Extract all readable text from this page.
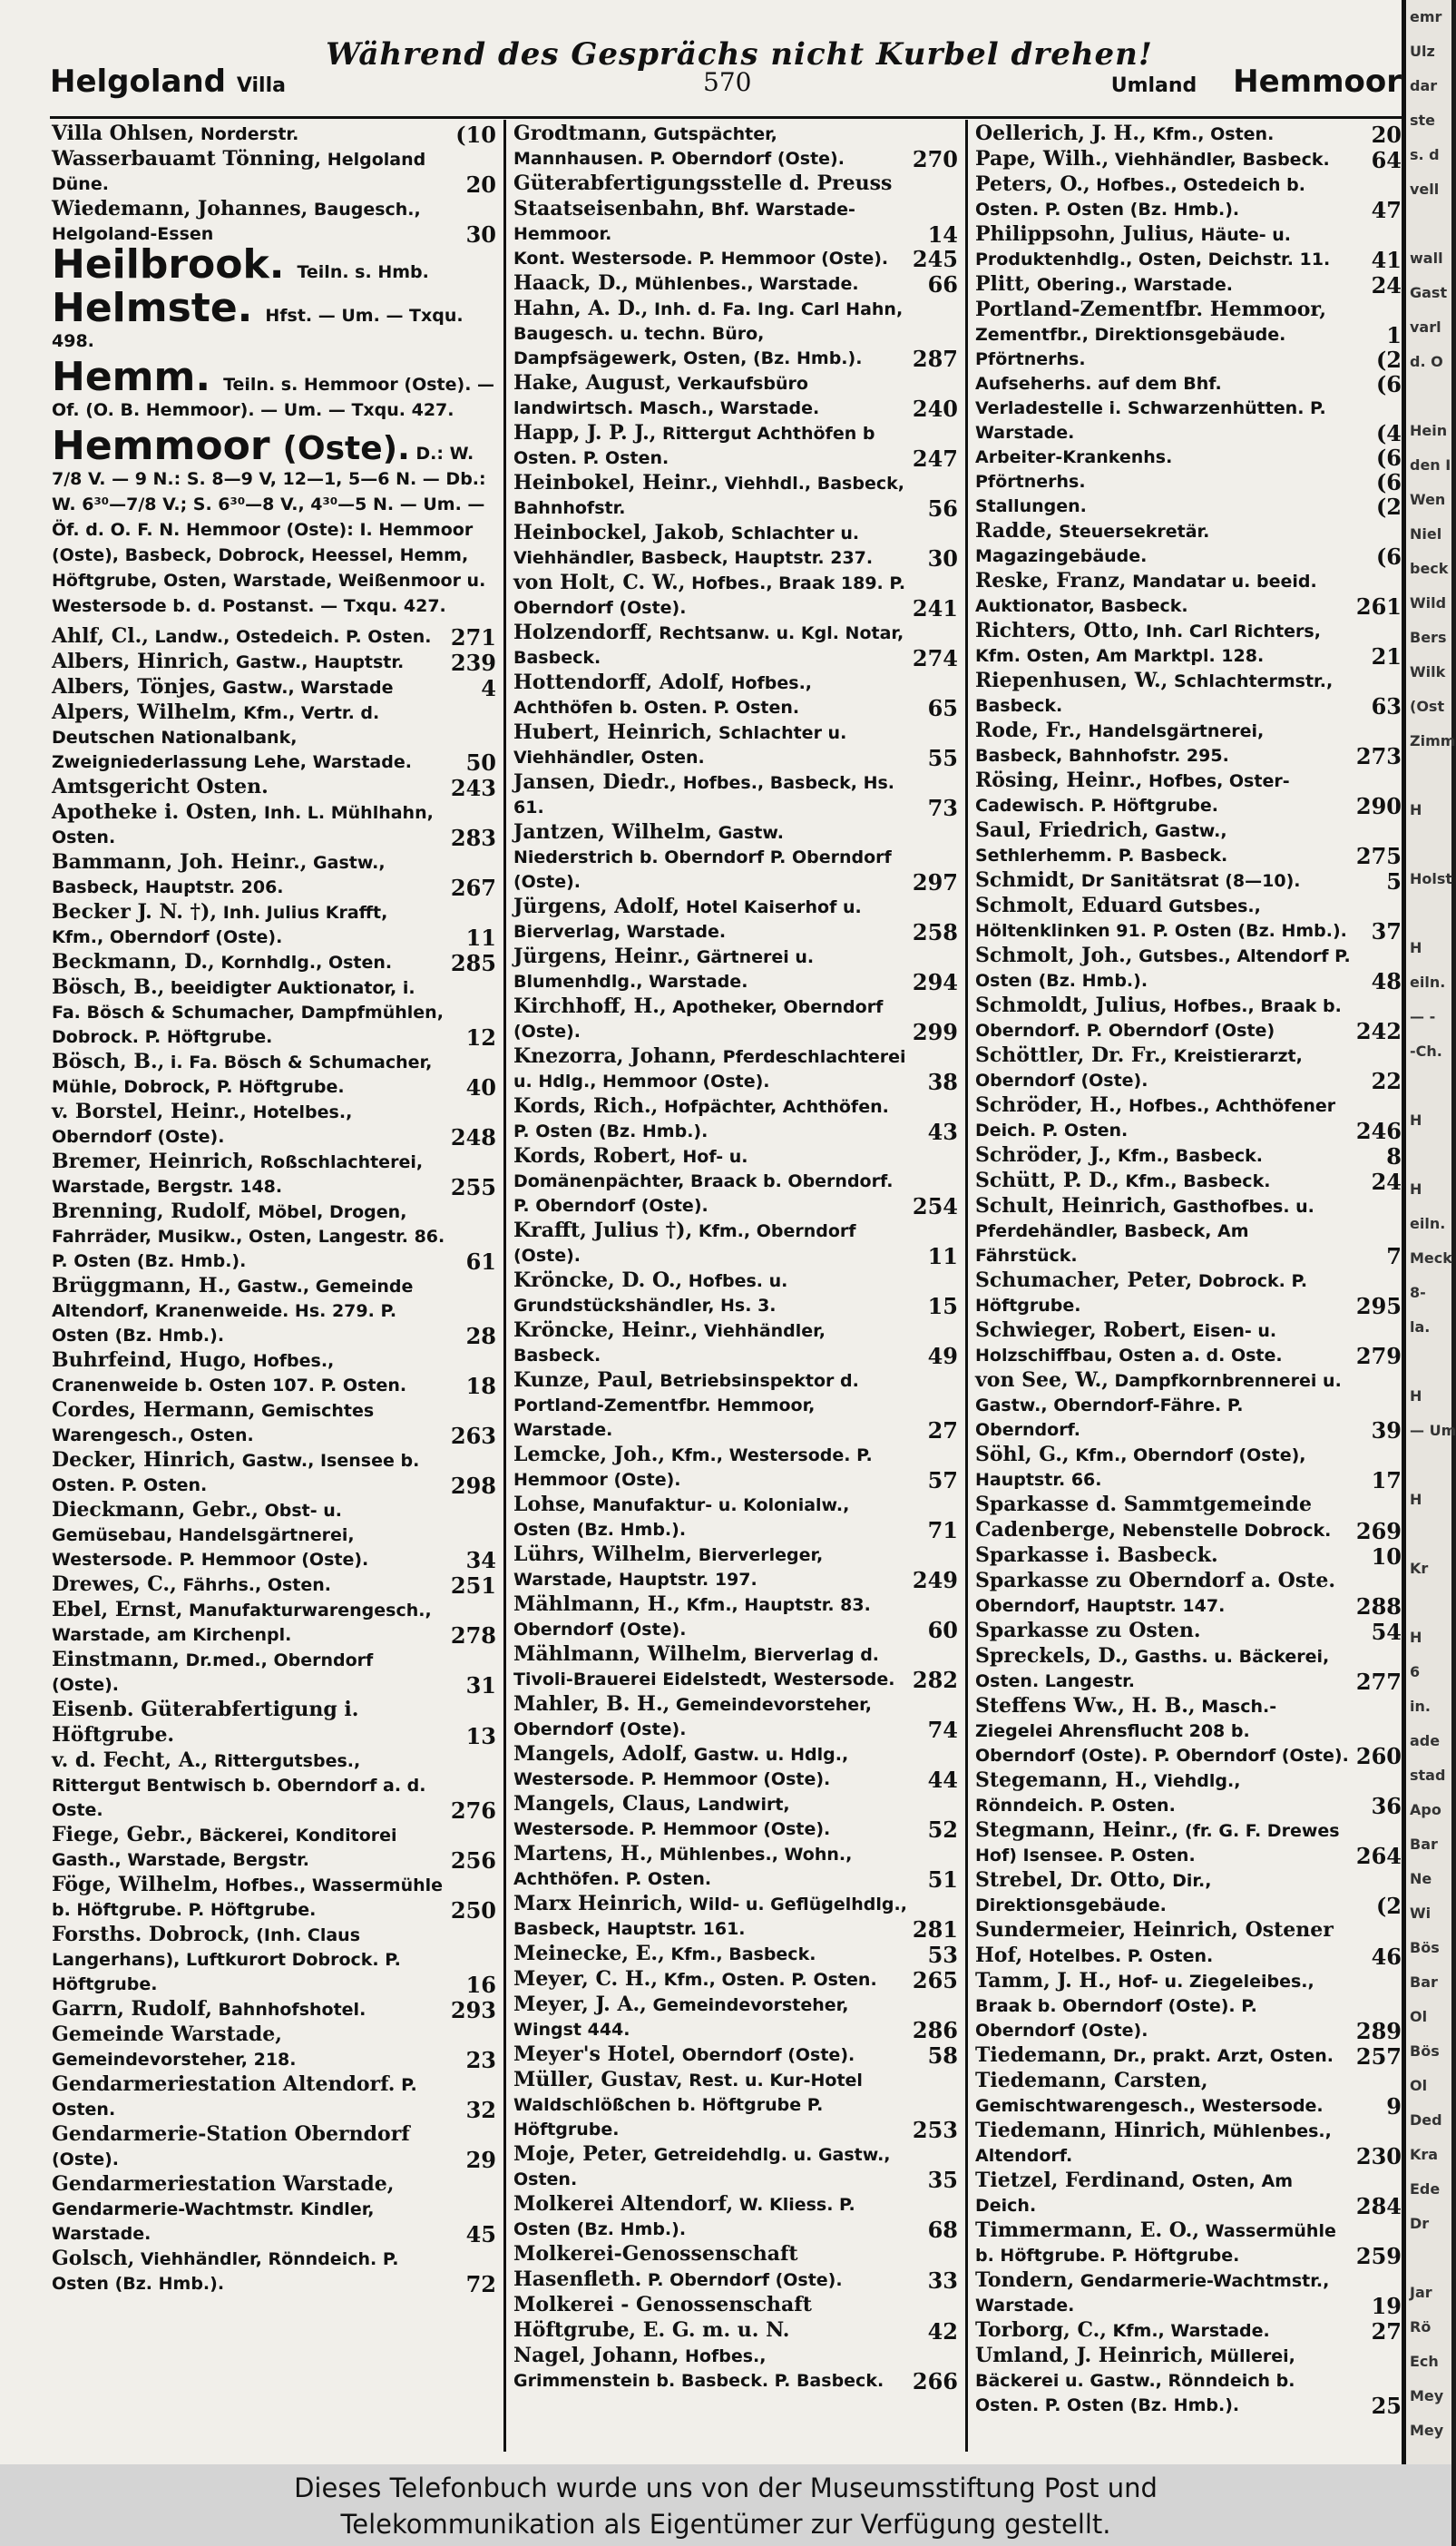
Helgoland Villa
Während des Gesprächs nicht Kurbel drehen!
570	Umland Hemmoor
Villa Ohlsen, Norderstr.	(10
Wasserbauamt Tönning, Helgoland Düne.	20
Wiedemann, Johannes, Baugesch., Helgoland-Essen	30
Heilbrook. Teiln. s. Hmb.
Helmste. Hfst. — Um. — Txqu. 498.
Hemm. Teiln. s. Hemmoor (Oste). — Of. (O. B. Hemmoor). — Um. — Txqu. 427.
Hemmoor (Oste). D.: W. 7/8 V. — 9 N.: S. 8—9 V, 12—1, 5—6 N. — Db.: W. 6³⁰—7/8 V.; S. 6³⁰—8 V., 4³⁰—5 N. — Um. — Öf. d. O. F. N. Hemmoor (Oste): I. Hemmoor (Oste), Basbeck, Dobrock, Heessel, Hemm, Höftgrube, Osten, Warstade, Weißenmoor u. Westersode b. d. Postanst. — Txqu. 427.
Ahlf, Cl., Landw., Ostedeich. P. Osten. 271
Albers, Hinrich, Gastw., Hauptstr. 239
Albers, Tönjes, Gastw., Warstade	4
Alpers, Wilhelm, Kfm., Vertr. d. Deutschen Nationalbank, Zweigniederlassung Lehe, Warstade. 50
Amtsgericht Osten.	243
Apotheke i. Osten, Inh. L. Mühlhahn, Osten.	283
Bammann, Joh. Heinr., Gastw., Basbeck, Hauptstr. 206.	267
Becker J. N. †), Inh. Julius Krafft, Kfm., Oberndorf (Oste).	11
Beckmann, D., Kornhdlg., Osten.	285
Bösch, B., beeidigter Auktionator, i. Fa. Bösch & Schumacher, Dampfmühlen, Dobrock. P. Höftgrube.	12
Bösch, B., i. Fa. Bösch & Schumacher, Mühle, Dobrock, P. Höftgrube.	40
v. Borstel, Heinr., Hotelbes., Oberndorf (Oste).	248
Bremer, Heinrich, Roßschlachterei, Warstade, Bergstr. 148.	255
Brenning, Rudolf, Möbel, Drogen, Fahrräder, Musikw., Osten, Langestr. 86. P. Osten (Bz. Hmb.).	61
Brüggmann, H., Gastw., Gemeinde Altendorf, Kranenweide. Hs. 279. P. Osten (Bz. Hmb.).	28
Buhrfeind, Hugo, Hofbes., Cranenweide b. Osten 107. P. Osten.	18
Cordes, Hermann, Gemischtes Warengesch., Osten.	263
Decker, Hinrich, Gastw., Isensee b. Osten. P. Osten.	298
Dieckmann, Gebr., Obst- u. Gemüsebau, Handelsgärtnerei, Westersode. P. Hemmoor (Oste).	34
Drewes, C., Fährhs., Osten.	251
Ebel, Ernst, Manufakturwarengesch., Warstade, am Kirchenpl.	278
Einstmann, Dr.med., Oberndorf (Oste).	31
Eisenb. Güterabfertigung i. Höftgrube.	13
v. d. Fecht, A., Rittergutsbes., Rittergut Bentwisch b. Oberndorf a. d. Oste.	276
Fiege, Gebr., Bäckerei, Konditorei Gasth., Warstade, Bergstr.	256
Föge, Wilhelm, Hofbes., Wassermühle b. Höftgrube. P. Höftgrube.	250
Forsths. Dobrock, (Inh. Claus Langerhans), Luftkurort Dobrock. P. Höftgrube.	16
Garrn, Rudolf, Bahnhofshotel.	293
Gemeinde Warstade, Gemeindevorsteher, 218.	23
Gendarmeriestation Altendorf. P. Osten.	32
Gendarmerie-Station Oberndorf (Oste).	29
Gendarmeriestation Warstade, Gendarmerie-Wachtmstr. Kindler, Warstade.	45
Golsch, Viehhändler, Rönndeich. P. Osten (Bz. Hmb.).	72
Grodtmann, Gutspächter, Mannhausen. P. Oberndorf (Oste).	270
Güterabfertigungsstelle d. Preuss Staatseisenbahn, Bhf. Warstade-Hemmoor.	14
Kont. Westersode. P. Hemmoor (Oste). 245
Haack, D., Mühlenbes., Warstade.	66
Hahn, A. D., Inh. d. Fa. Ing. Carl Hahn, Baugesch. u. techn. Büro, Dampfsägewerk, Osten, (Bz. Hmb.). 287
Hake, August, Verkaufsbüro landwirtsch. Masch., Warstade.	240
Happ, J. P. J., Rittergut Achthöfen b Osten. P. Osten.	247
Heinbokel, Heinr., Viehhdl., Basbeck, Bahnhofstr.	56
Heinbockel, Jakob, Schlachter u. Viehhändler, Basbeck, Hauptstr. 237.	30
von Holt, C. W., Hofbes., Braak 189. P. Oberndorf (Oste).	241
Holzendorff, Rechtsanw. u. Kgl. Notar, Basbeck.	274
Hottendorff, Adolf, Hofbes., Achthöfen b. Osten. P. Osten.	65
Hubert, Heinrich, Schlachter u. Viehhändler, Osten.	55
Jansen, Diedr., Hofbes., Basbeck, Hs. 61.	73
Jantzen, Wilhelm, Gastw. Niederstrich b. Oberndorf P. Oberndorf (Oste).	297
Jürgens, Adolf, Hotel Kaiserhof u. Bierverlag, Warstade.	258
Jürgens, Heinr., Gärtnerei u. Blumenhdlg., Warstade.	294
Kirchhoff, H., Apotheker, Oberndorf (Oste).	299
Knezorra, Johann, Pferdeschlachterei u. Hdlg., Hemmoor (Oste).	38
Kords, Rich., Hofpächter, Achthöfen. P. Osten (Bz. Hmb.).	43
Kords, Robert, Hof- u. Domänenpächter, Braack b. Oberndorf. P. Oberndorf (Oste).	254
Krafft, Julius †), Kfm., Oberndorf (Oste).	11
Kröncke, D. O., Hofbes. u. Grundstückshändler, Hs. 3.	15
Kröncke, Heinr., Viehhändler, Basbeck.	49
Kunze, Paul, Betriebsinspektor d. Portland-Zementfbr. Hemmoor, Warstade.	27
Lemcke, Joh., Kfm., Westersode. P. Hemmoor (Oste).	57
Lohse, Manufaktur- u. Kolonialw., Osten (Bz. Hmb.).	71
Lührs, Wilhelm, Bierverleger, Warstade, Hauptstr. 197.	249
Mählmann, H., Kfm., Hauptstr. 83. Oberndorf (Oste).	60
Mählmann, Wilhelm, Bierverlag d. Tivoli-Brauerei Eidelstedt, Westersode. 282
Mahler, B. H., Gemeindevorsteher, Oberndorf (Oste).	74
Mangels, Adolf, Gastw. u. Hdlg., Westersode. P. Hemmoor (Oste).	44
Mangels, Claus, Landwirt, Westersode. P. Hemmoor (Oste).	52
Martens, H., Mühlenbes., Wohn., Achthöfen. P. Osten.	51
Marx Heinrich, Wild- u. Geflügelhdlg., Basbeck, Hauptstr. 161.	281
Meinecke, E., Kfm., Basbeck.	53
Meyer, C. H., Kfm., Osten. P. Osten. 265
Meyer, J. A., Gemeindevorsteher, Wingst 444.	286
Meyer's Hotel, Oberndorf (Oste).	58
Müller, Gustav, Rest. u. Kur-Hotel Waldschlößchen b. Höftgrube P. Höftgrube.	253
Moje, Peter, Getreidehdlg. u. Gastw., Osten.	35
Molkerei Altendorf, W. Kliess. P. Osten (Bz. Hmb.).	68
Molkerei-Genossenschaft Hasenfleth. P. Oberndorf (Oste).	33
Molkerei - Genossenschaft Höftgrube, E. G. m. u. N.	42
Nagel, Johann, Hofbes., Grimmenstein b. Basbeck. P. Basbeck. 266
Oellerich, J. H., Kfm., Osten.	20
Pape, Wilh., Viehhändler, Basbeck. 64
Peters, O., Hofbes., Ostedeich b. Osten. P. Osten (Bz. Hmb.).	47
Philippsohn, Julius, Häute- u. Produktenhdlg., Osten, Deichstr. 11. 41
Plitt, Obering., Warstade.	24
Portland-Zementfbr. Hemmoor, Zementfbr., Direktionsgebäude.	1
Pförtnerhs.	(2
Aufseherhs. auf dem Bhf.	(6
Verladestelle i. Schwarzenhütten. P. Warstade.	(4
Arbeiter-Krankenhs.	(6
Pförtnerhs.	(6
Stallungen.	(2
Radde, Steuersekretär. Magazingebäude.	(6
Reske, Franz, Mandatar u. beeid. Auktionator, Basbeck.	261
Richters, Otto, Inh. Carl Richters, Kfm. Osten, Am Marktpl. 128.	21
Riepenhusen, W., Schlachtermstr., Basbeck.	63
Rode, Fr., Handelsgärtnerei, Basbeck, Bahnhofstr. 295.	273
Rösing, Heinr., Hofbes, Oster-Cadewisch. P. Höftgrube.	290
Saul, Friedrich, Gastw., Sethlerhemm. P. Basbeck.	275
Schmidt, Dr Sanitätsrat (8—10).	5
Schmolt, Eduard Gutsbes., Höltenklinken 91. P. Osten (Bz. Hmb.). 37
Schmolt, Joh., Gutsbes., Altendorf P. Osten (Bz. Hmb.).	48
Schmoldt, Julius, Hofbes., Braak b. Oberndorf. P. Oberndorf (Oste)	242
Schöttler, Dr. Fr., Kreistierarzt, Oberndorf (Oste).	22
Schröder, H., Hofbes., Achthöfener Deich. P. Osten.	246
Schröder, J., Kfm., Basbeck.	8
Schütt, P. D., Kfm., Basbeck.	24
Schult, Heinrich, Gasthofbes. u. Pferdehändler, Basbeck, Am Fährstück.	7
Schumacher, Peter, Dobrock. P. Höftgrube.	295
Schwieger, Robert, Eisen- u. Holzschiffbau, Osten a. d. Oste.	279
von See, W., Dampfkornbrennerei u. Gastw., Oberndorf-Fähre. P. Oberndorf.	39
Söhl, G., Kfm., Oberndorf (Oste), Hauptstr. 66.	17
Sparkasse d. Sammtgemeinde Cadenberge, Nebenstelle Dobrock. 269
Sparkasse i. Basbeck.	10
Sparkasse zu Oberndorf a. Oste. Oberndorf, Hauptstr. 147.	288
Sparkasse zu Osten.	54
Spreckels, D., Gasths. u. Bäckerei, Osten. Langestr.	277
Steffens Ww., H. B., Masch.-Ziegelei Ahrensflucht 208 b. Oberndorf (Oste). P. Oberndorf (Oste). 260
Stegemann, H., Viehdlg., Rönndeich. P. Osten.	36
Stegmann, Heinr., (fr. G. F. Drewes Hof) Isensee. P. Osten.	264
Strebel, Dr. Otto, Dir., Direktionsgebäude.	(2
Sundermeier, Heinrich, Ostener Hof, Hotelbes. P. Osten.	46
Tamm, J. H., Hof- u. Ziegeleibes., Braak b. Oberndorf (Oste). P. Oberndorf (Oste).	289
Tiedemann, Dr., prakt. Arzt, Osten. 257
Tiedemann, Carsten, Gemischtwarengesch., Westersode.	9
Tiedemann, Hinrich, Mühlenbes., Altendorf.	230
Tietzel, Ferdinand, Osten, Am Deich.	284
Timmermann, E. O., Wassermühle b. Höftgrube. P. Höftgrube.	259
Tondern, Gendarmerie-Wachtmstr., Warstade.	19
Torborg, C., Kfm., Warstade.	27
Umland, J. Heinrich, Müllerei, Bäckerei u. Gastw., Rönndeich b. Osten. P. Osten (Bz. Hmb.).	25
emr
Ulz
dar
ste
s. d
vell

wall
Gast
varl
d. O

Hein
den I
Wen
Niel
beck
Wild
Bers
Wilk
(Ost
Zimm

H

Holst

H
eiln.
— -
-Ch.

H

H
eiln.
Meck
8-
la.

H
— Um

H

Kr

H
6
in.
ade
stad
Apo
Bar
Ne
Wi
Bös
Bar
Ol
Bös
Ol
Ded
Kra
Ede
Dr

Jar
Rö
Ech
Mey
Mey
Dieses Telefonbuch wurde uns von der Museumsstiftung Post und
Telekommunikation als Eigentümer zur Verfügung gestellt.
